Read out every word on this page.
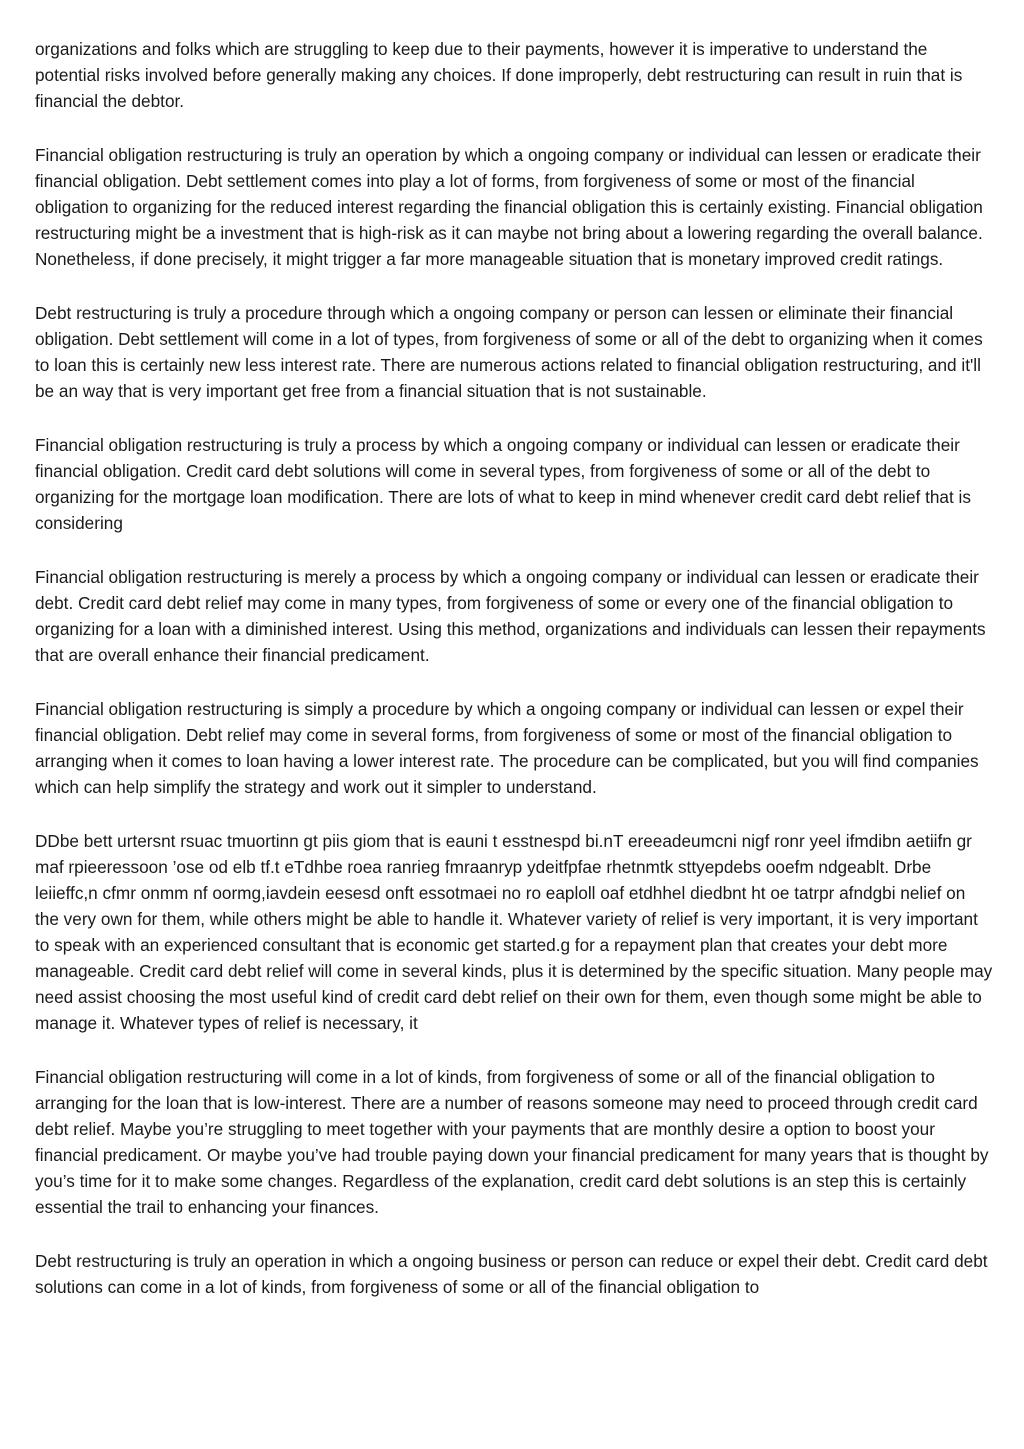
organizations and folks which are struggling to keep due to their payments, however it is imperative to understand the potential risks involved before generally making any choices. If done improperly, debt restructuring can result in ruin that is financial the debtor.

Financial obligation restructuring is truly an operation by which a ongoing company or individual can lessen or eradicate their financial obligation. Debt settlement comes into play a lot of forms, from forgiveness of some or most of the financial obligation to organizing for the reduced interest regarding the financial obligation this is certainly existing. Financial obligation restructuring might be a investment that is high-risk as it can maybe not bring about a lowering regarding the overall balance. Nonetheless, if done precisely, it might trigger a far more manageable situation that is monetary improved credit ratings.

Debt restructuring is truly a procedure through which a ongoing company or person can lessen or eliminate their financial obligation. Debt settlement will come in a lot of types, from forgiveness of some or all of the debt to organizing when it comes to loan this is certainly new less interest rate. There are numerous actions related to financial obligation restructuring, and it'll be an way that is very important get free from a financial situation that is not sustainable.

Financial obligation restructuring is truly a process by which a ongoing company or individual can lessen or eradicate their financial obligation. Credit card debt solutions will come in several types, from forgiveness of some or all of the debt to organizing for the mortgage loan modification. There are lots of what to keep in mind whenever credit card debt relief that is considering

Financial obligation restructuring is merely a process by which a ongoing company or individual can lessen or eradicate their debt. Credit card debt relief may come in many types, from forgiveness of some or every one of the financial obligation to organizing for a loan with a diminished interest. Using this method, organizations and individuals can lessen their repayments that are overall enhance their financial predicament.

Financial obligation restructuring is simply a procedure by which a ongoing company or individual can lessen or expel their financial obligation. Debt relief may come in several forms, from forgiveness of some or most of the financial obligation to arranging when it comes to loan having a lower interest rate. The procedure can be complicated, but you will find companies which can help simplify the strategy and work out it simpler to understand.

DDbe bett urtersnt rsuac tmuortinn gt piis giom that is eauni t esstnespd bi.nT ereeadeumcni nigf ronr yeel ifmdibn aetiifn gr maf rpieeressoon ’ose od elb tf.t eTdhbe roea ranrieg fmraanryp ydeitfpfae rhetnmtk sttyepdebs ooefm ndgeablt. Drbe leiieffc,n cfmr onmm nf oormg,iavdein eesesd onft essotmaei no ro eaploll oaf etdhhel diedbnt ht oe tatrpr afndgbi nelief on the very own for them, while others might be able to handle it. Whatever variety of relief is very important, it is very important to speak with an experienced consultant that is economic get started.g for a repayment plan that creates your debt more manageable. Credit card debt relief will come in several kinds, plus it is determined by the specific situation. Many people may need assist choosing the most useful kind of credit card debt relief on their own for them, even though some might be able to manage it. Whatever types of relief is necessary, it

Financial obligation restructuring will come in a lot of kinds, from forgiveness of some or all of the financial obligation to arranging for the loan that is low-interest. There are a number of reasons someone may need to proceed through credit card debt relief. Maybe you’re struggling to meet together with your payments that are monthly desire a option to boost your financial predicament. Or maybe you’ve had trouble paying down your financial predicament for many years that is thought by you’s time for it to make some changes. Regardless of the explanation, credit card debt solutions is an step this is certainly essential the trail to enhancing your finances.

Debt restructuring is truly an operation in which a ongoing business or person can reduce or expel their debt. Credit card debt solutions can come in a lot of kinds, from forgiveness of some or all of the financial obligation to
